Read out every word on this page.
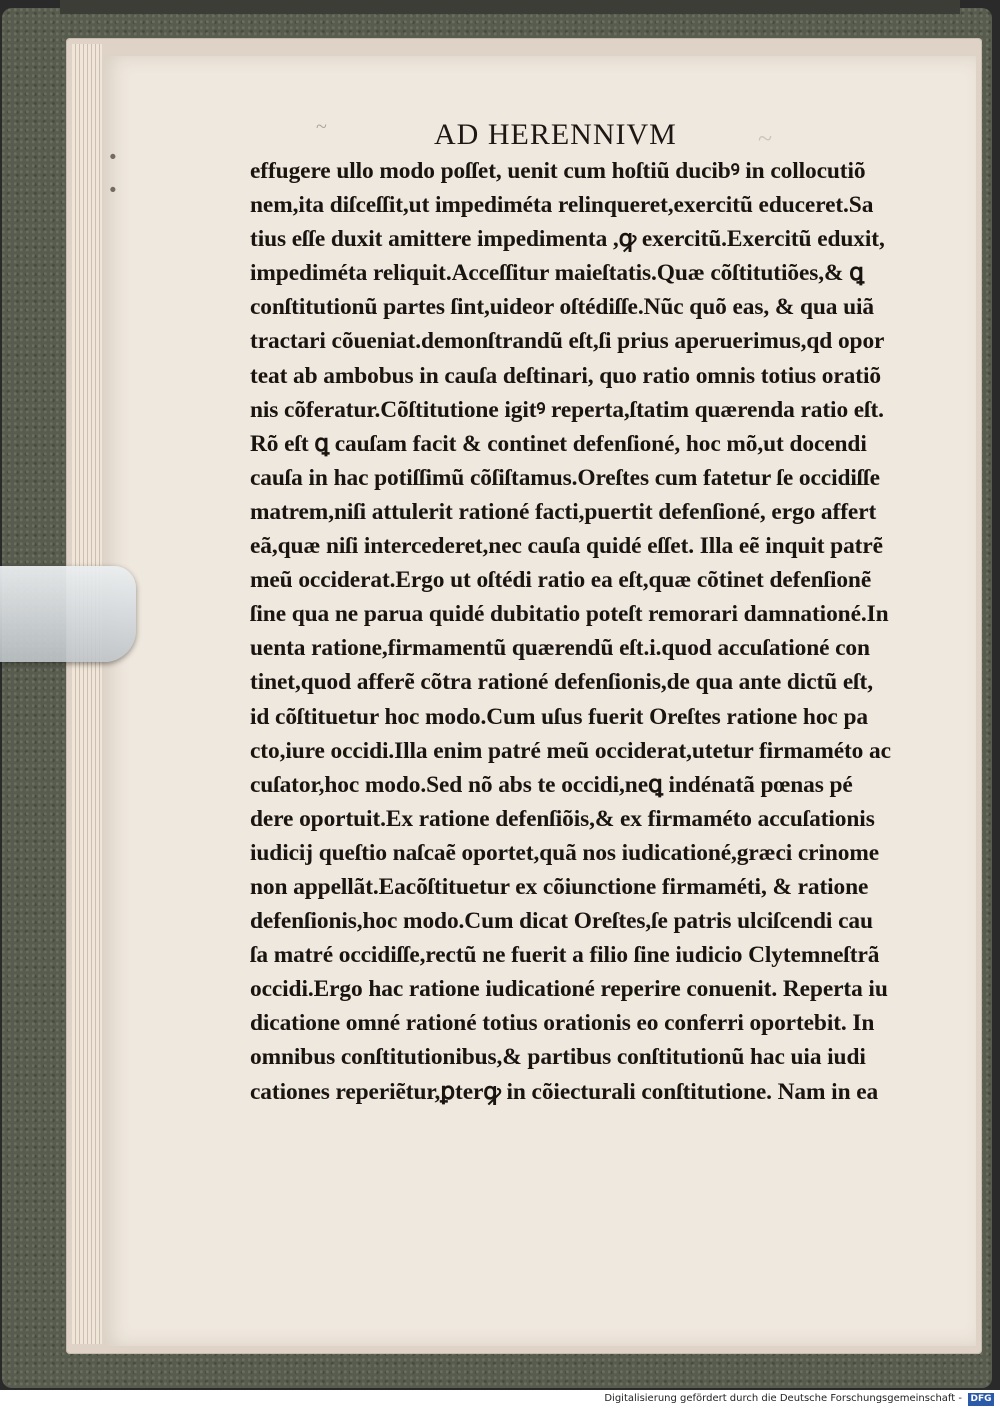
·
·
~	~
AD HERENNIVM
effugere ullo modo poſſet, uenit cum hoſtiũ ducibꝰ in collocutiõ
nem,ita diſceſſit,ut impediméta relinqueret,exercitũ educeret.Sa
tius eſſe duxit amittere impedimenta ,ꝙ exercitũ.Exercitũ eduxit,
impediméta reliquit.Acceſſitur maieſtatis.Quæ cõſtitutiões,& ꝗ
conſtitutionũ partes ſint,uideor oſtédiſſe.Nũc quõ eas, & qua uiã
tractari cõueniat.demonſtrandũ eſt,ſi prius aperuerimus,qd opor
teat ab ambobus in cauſa deſtinari, quo ratio omnis totius oratiõ
nis cõferatur.Cõſtitutione igitꝰ reperta,ſtatim quærenda ratio eſt.
Rõ eſt ꝗ cauſam facit & continet defenſioné, hoc mõ,ut docendi
cauſa in hac potiſſimũ cõſiſtamus.Oreſtes cum fatetur ſe occidiſſe
matrem,niſi attulerit rationé facti,puertit defenſioné, ergo affert
eã,quæ niſi intercederet,nec cauſa quidé eſſet. Illa eẽ inquit patrẽ
meũ occiderat.Ergo ut oſtédi ratio ea eſt,quæ cõtinet defenſionẽ
ſine qua ne parua quidé dubitatio poteſt remorari damnationé.In
uenta ratione,firmamentũ quærendũ eſt.i.quod accuſationé con
tinet,quod afferẽ cõtra rationé defenſionis,de qua ante dictũ eſt,
id cõſtituetur hoc modo.Cum uſus fuerit Oreſtes ratione hoc pa
cto,iure occidi.Illa enim patré meũ occiderat,utetur firmaméto ac
cuſator,hoc modo.Sed nõ abs te occidi,neꝗ indénatã pœnas pé
dere oportuit.Ex ratione defenſiõis,& ex firmaméto accuſationis
iudicij queſtio naſcaẽ oportet,quã nos iudicationé,græci crinome
non appellãt.Eacõſtituetur ex cõiunctione firmaméti, & ratione
defenſionis,hoc modo.Cum dicat Oreſtes,ſe patris ulciſcendi cau
ſa matré occidiſſe,rectũ ne fuerit a filio ſine iudicio Clytemneſtrã
occidi.Ergo hac ratione iudicationé reperire conuenit. Reperta iu
dicatione omné rationé totius orationis eo conferri oportebit. In
omnibus conſtitutionibus,& partibus conſtitutionũ hac uia iudi
cationes reperiẽtur,ꝑterꝙ in cõiecturali conſtitutione. Nam in ea
Digitalisierung gefördert durch die Deutsche Forschungsgemeinschaft - DFG
